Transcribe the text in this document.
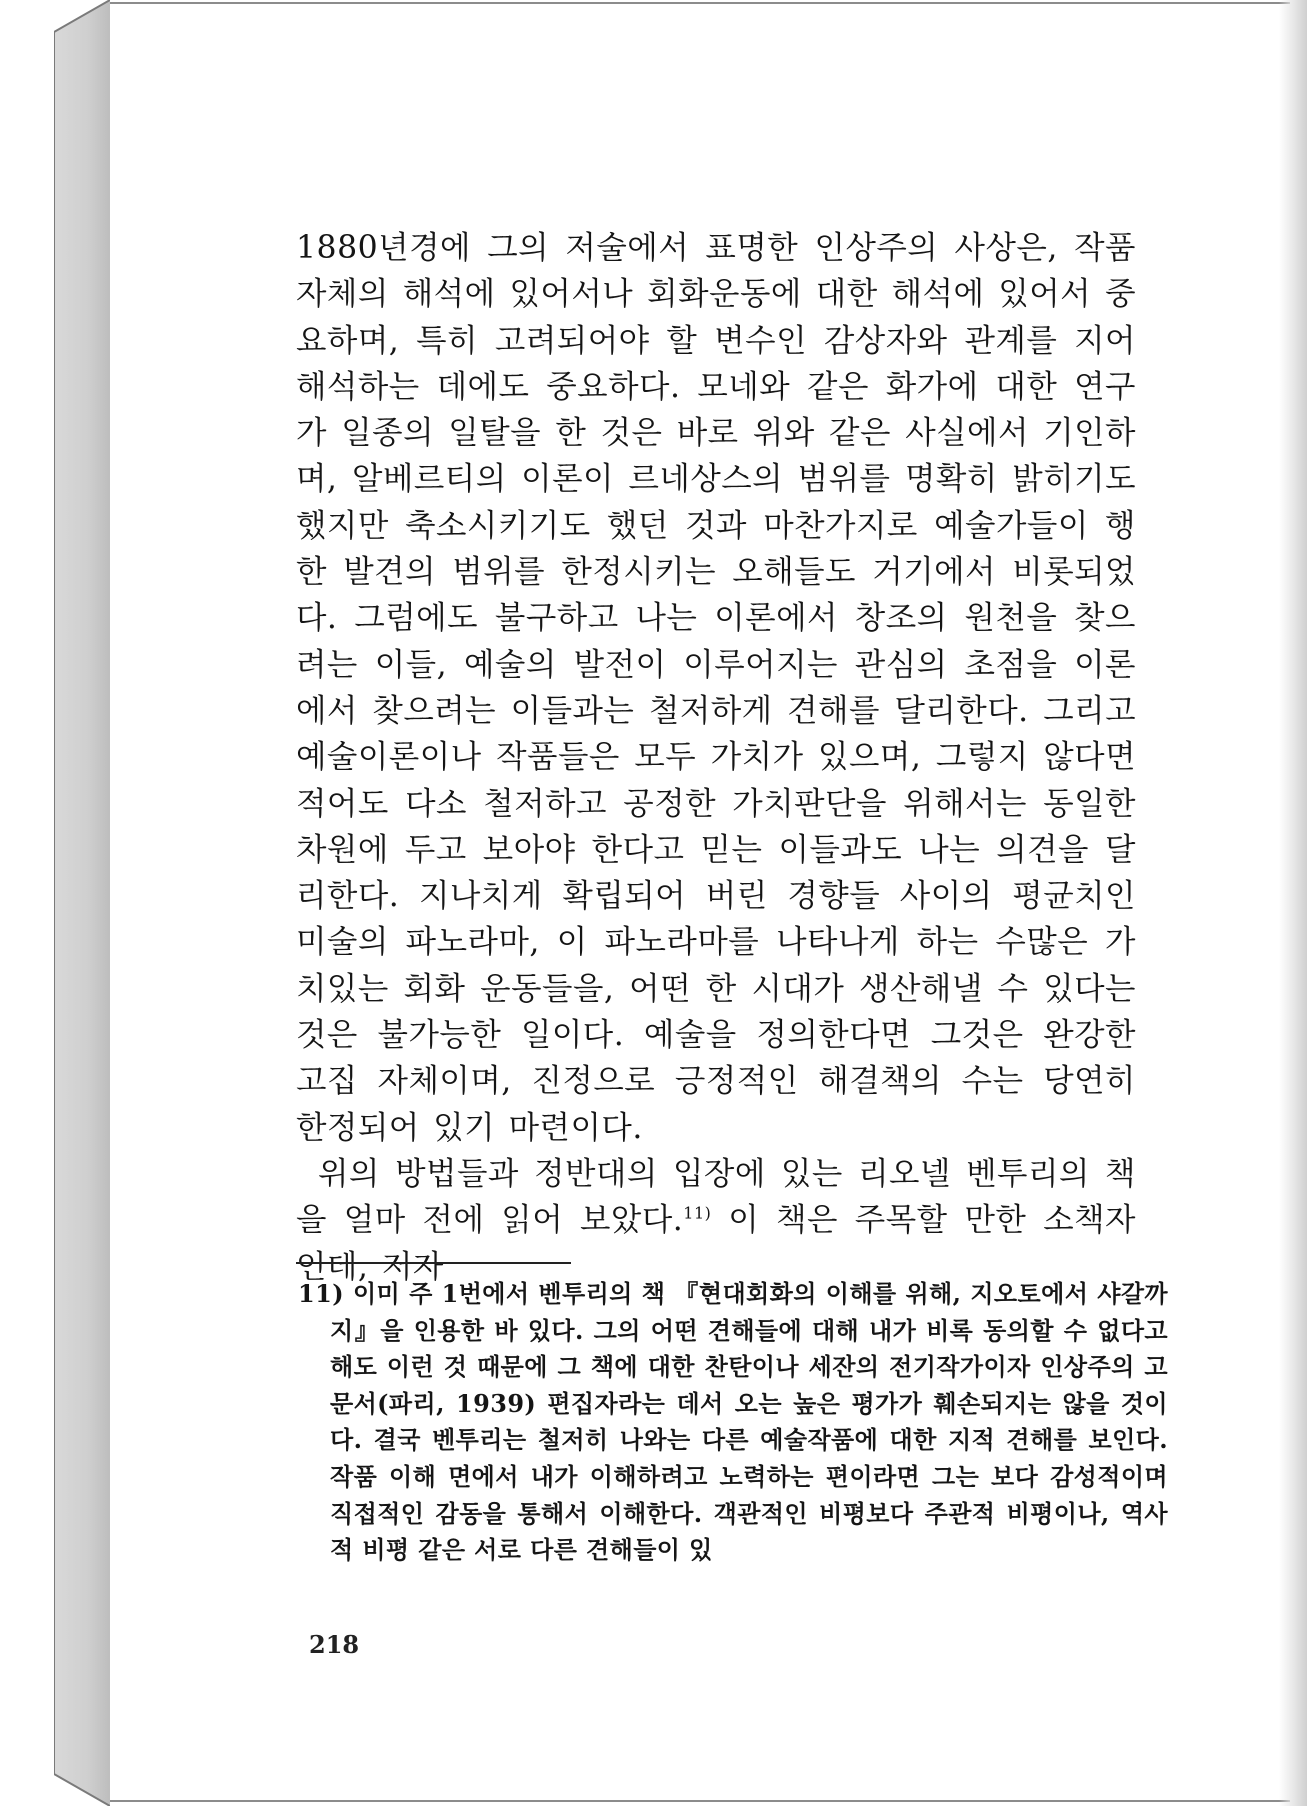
1880년경에 그의 저술에서 표명한 인상주의 사상은, 작품 자체의 해석에 있어서나 회화운동에 대한 해석에 있어서 중요하며, 특히 고려되어야 할 변수인 감상자와 관계를 지어 해석하는 데에도 중요하다. 모네와 같은 화가에 대한 연구가 일종의 일탈을 한 것은 바로 위와 같은 사실에서 기인하며, 알베르티의 이론이 르네상스의 범위를 명확히 밝히기도 했지만 축소시키기도 했던 것과 마찬가지로 예술가들이 행한 발견의 범위를 한정시키는 오해들도 거기에서 비롯되었다. 그럼에도 불구하고 나는 이론에서 창조의 원천을 찾으려는 이들, 예술의 발전이 이루어지는 관심의 초점을 이론에서 찾으려는 이들과는 철저하게 견해를 달리한다. 그리고 예술이론이나 작품들은 모두 가치가 있으며, 그렇지 않다면 적어도 다소 철저하고 공정한 가치판단을 위해서는 동일한 차원에 두고 보아야 한다고 믿는 이들과도 나는 의견을 달리한다. 지나치게 확립되어 버린 경향들 사이의 평균치인 미술의 파노라마, 이 파노라마를 나타나게 하는 수많은 가치있는 회화 운동들을, 어떤 한 시대가 생산해낼 수 있다는 것은 불가능한 일이다. 예술을 정의한다면 그것은 완강한 고집 자체이며, 진정으로 긍정적인 해결책의 수는 당연히 한정되어 있기 마련이다.

위의 방법들과 정반대의 입장에 있는 리오넬 벤투리의 책을 얼마 전에 읽어 보았다.$^{11)}$ 이 책은 주목할 만한 소책자인데, 저자

11) 이미 주 1번에서 벤투리의 책 『현대회화의 이해를 위해, 지오토에서 샤갈까지』을 인용한 바 있다. 그의 어떤 견해들에 대해 내가 비록 동의할 수 없다고 해도 이런 것 때문에 그 책에 대한 찬탄이나 세잔의 전기작가이자 인상주의 고문서(파리, 1939) 편집자라는 데서 오는 높은 평가가 훼손되지는 않을 것이다. 결국 벤투리는 철저히 나와는 다른 예술작품에 대한 지적 견해를 보인다. 작품 이해 면에서 내가 이해하려고 노력하는 편이라면 그는 보다 감성적이며 직접적인 감동을 통해서 이해한다. 객관적인 비평보다 주관적 비평이나, 역사적 비평 같은 서로 다른 견해들이 있

218
